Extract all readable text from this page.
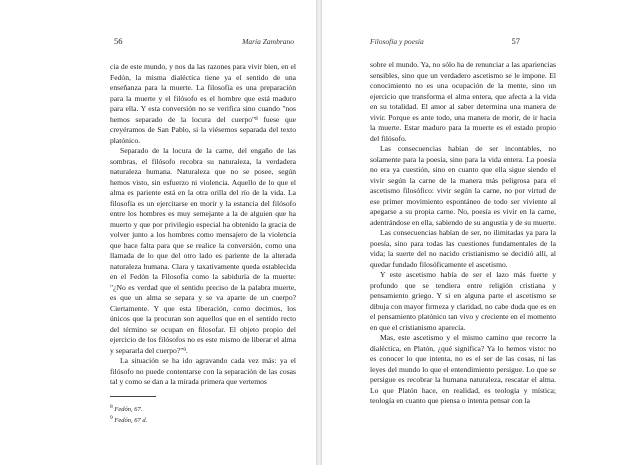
56	María Zambrano

cia de este mundo, y nos da las razones para vivir bien, en el Fedón, la misma dialéctica tiene ya el sentido de una enseñanza para la muerte. La filosofía es una preparación para la muerte y el filósofo es el hombre que está maduro para ella. Y esta conversión no se verifica sino cuando "nos hemos separado de la locura del cuerpo"⁸ fuese que creyéramos de San Pablo, si la viésemos separada del texto platónico.

Separado de la locura de la carne, del engaño de las sombras, el filósofo recobra su naturaleza, la verdadera naturaleza humana. Naturaleza que no se posee, según hemos visto, sin esfuerzo ni violencia. Aquello de lo que el alma es pariente está en la otra orilla del río de la vida. La filosofía es un ejercitarse en morir y la estancia del filósofo entre los hombres es muy semejante a la de alguien que ha muerto y que por privilegio especial ha obtenido la gracia de volver junto a los hombres como mensajero de la violencia que hace falta para que se realice la conversión, como una llamada de lo que del otro lado es pariente de la alterada naturaleza humana. Clara y taxativamente queda establecida en el Fedón la Filosofía como la sabiduría de la muerte: "¿No es verdad que el sentido preciso de la palabra muerte, es que un alma se separa y se va aparte de un cuerpo? Ciertamente. Y que esta liberación, como decimos, los únicos que la procuran son aquellos que en el sentido recto del término se ocupan en filosofar. El objeto propio del ejercicio de los filósofos no es este mismo de liberar el alma y separarla del cuerpo?"⁹.

La situación se ha ido agravando cada vez más: ya el filósofo no puede contentarse con la separación de las cosas tal y como se dan a la mirada primera que vertemos

$^8$ Fedón, 67.
$^9$ Fedón, 67 d.
Filosofía y poesía	57

sobre el mundo. Ya, no sólo ha de renunciar a las apariencias sensibles, sino que un verdadero ascetismo se le impone. El conocimiento no es una ocupación de la mente, sino un ejercicio que transforma el alma entera, que afecta a la vida en su totalidad. El amor al saber determina una manera de vivir. Porque es ante todo, una manera de morir, de ir hacia la muerte. Estar maduro para la muerte es el estado propio del filósofo.

Las consecuencias habían de ser incontables, no solamente para la poesía, sino para la vida entera. La poesía no era ya cuestión, sino en cuanto que ella sigue siendo el vivir según la carne de la manera más peligrosa para el ascetismo filosófico: vivir según la carne, no por virtud de ese primer movimiento espontáneo de todo ser viviente al apegarse a su propia carne. No, poesía es vivir en la carne, adentrándose en ella, sabiendo de su angustia y de su muerte.

Las consecuencias habían de ser, no ilimitadas ya para la poesía, sino para todas las cuestiones fundamentales de la vida; la suerte del no nacido cristianismo se decidió allí, al quedar fundado filosóficamente el ascetismo.

Y este ascetismo había de ser el lazo más fuerte y profundo que se tendiera entre religión cristiana y pensamiento griego. Y si en alguna parte el ascetismo se dibuja con mayor firmeza y claridad, no cabe duda que es en el pensamiento platónico tan vivo y creciente en el momento en que el cristianismo aparecía.

Mas, este ascetismo y el mismo camino que recorre la dialéctica, en Platón, ¿qué significa? Ya lo hemos visto: no es conocer lo que intenta, no es el ser de las cosas, ni las leyes del mundo lo que el entendimiento persigue. Lo que se persigue es recobrar la humana naturaleza, rescatar el alma. Lo que Platón hace, en realidad, es teología y mística; teología en cuanto que piensa o intenta pensar con la
